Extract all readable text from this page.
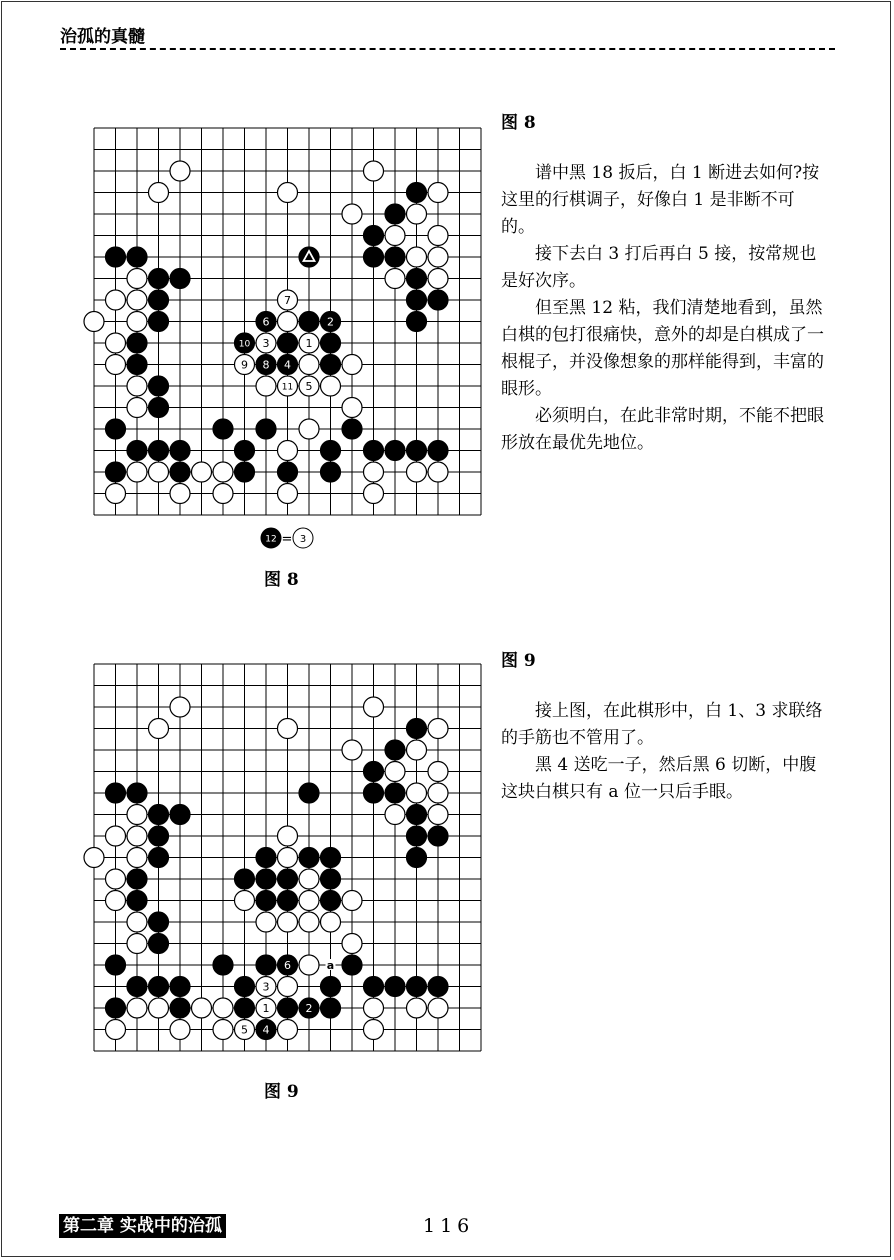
治孤的真髓
7
6	2
10 3	1
9 8 4
11 5
12 = 3
图 8
图 8

谱中黑 18 扳后，白 1 断进去如何?按这里的行棋调子，好像白 1 是非断不可的。

接下去白 3 打后再白 5 接，按常规也是好次序。

但至黑 12 粘，我们清楚地看到，虽然白棋的包打很痛快，意外的却是白棋成了一根棍子，并没像想象的那样能得到，丰富的眼形。

必须明白，在此非常时期，不能不把眼形放在最优先地位。

6
3
1	2
5 4
a
图 9
图 9

接上图，在此棋形中，白 1、3 求联络的手筋也不管用了。

黑 4 送吃一子，然后黑 6 切断，中腹这块白棋只有 a 位一只后手眼。

第二章 实战中的治孤	116
